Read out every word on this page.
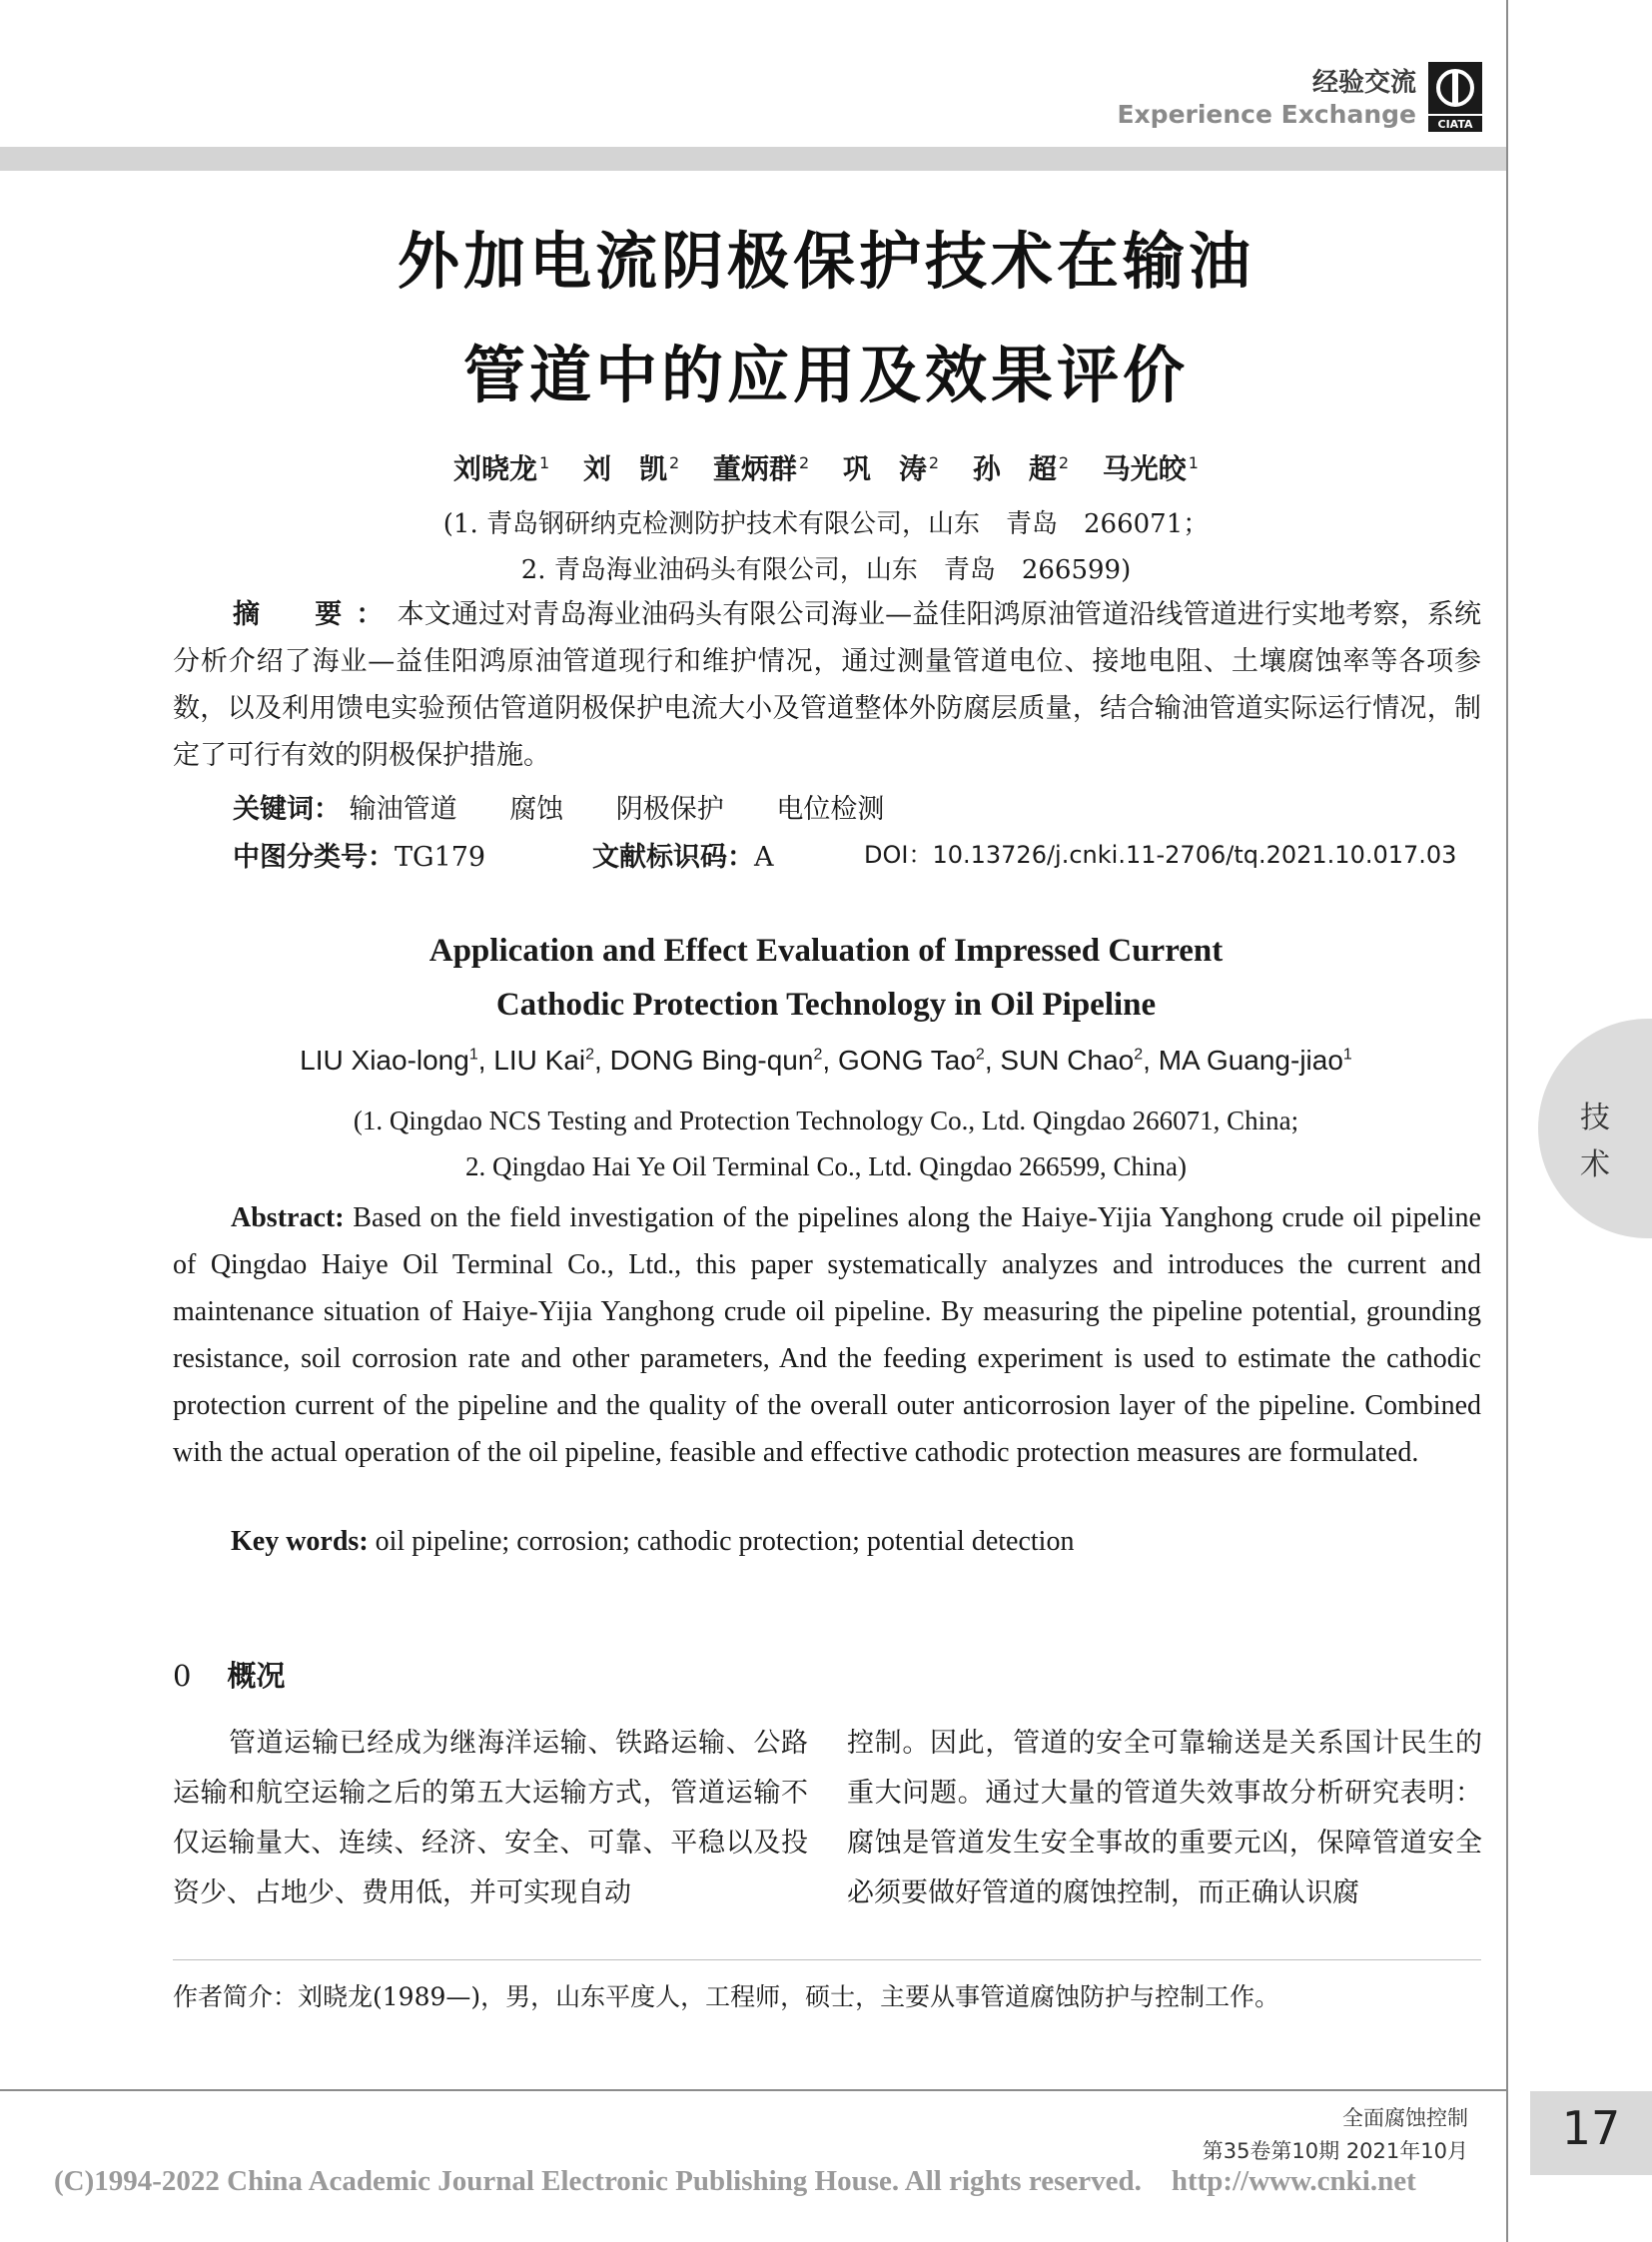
经验交流
Experience Exchange CIATA
外加电流阴极保护技术在输油
管道中的应用及效果评价
刘晓龙 $^1$ 刘　凯 $^2$ 董炳群 $^2$ 巩　涛 $^2$ 孙　超 $^2$ 马光皎 $^1$
(1. 青岛钢研纳克检测防护技术有限公司，山东　青岛　266071；
2. 青岛海业油码头有限公司，山东　青岛　266599)

摘　要：本文通过对青岛海业油码头有限公司海业—益佳阳鸿原油管道沿线管道进行实地考察，系统分析介绍了海业—益佳阳鸿原油管道现行和维护情况，通过测量管道电位、接地电阻、土壤腐蚀率等各项参数，以及利用馈电实验预估管道阴极保护电流大小及管道整体外防腐层质量，结合输油管道实际运行情况，制定了可行有效的阴极保护措施。

关键词： 输油管道 腐蚀 阴极保护 电位检测
中图分类号：TG179	文献标识码：A	DOI：10.13726/j.cnki.11-2706/tq.2021.10.017.03
Application and Effect Evaluation of Impressed Current
Cathodic Protection Technology in Oil Pipeline
LIU Xiao-long$^1$, LIU Kai$^2$, DONG Bing-qun$^2$, GONG Tao$^2$, SUN Chao$^2$, MA Guang-jiao$^1$
(1. Qingdao NCS Testing and Protection Technology Co., Ltd. Qingdao 266071, China;
2. Qingdao Hai Ye Oil Terminal Co., Ltd. Qingdao 266599, China)

Abstract: Based on the field investigation of the pipelines along the Haiye-Yijia Yanghong crude oil pipeline of Qingdao Haiye Oil Terminal Co., Ltd., this paper systematically analyzes and introduces the current and maintenance situation of Haiye-Yijia Yanghong crude oil pipeline. By measuring the pipeline potential, grounding resistance, soil corrosion rate and other parameters, And the feeding experiment is used to estimate the cathodic protection current of the pipeline and the quality of the overall outer anticorrosion layer of the pipeline. Combined with the actual operation of the oil pipeline, feasible and effective cathodic protection measures are formulated.

Key words: oil pipeline; corrosion; cathodic protection; potential detection
技
术
0 概况

管道运输已经成为继海洋运输、铁路运输、公路运输和航空运输之后的第五大运输方式，管道运输不仅运输量大、连续、经济、安全、可靠、平稳以及投资少、占地少、费用低，并可实现自动

控制。因此，管道的安全可靠输送是关系国计民生的重大问题。通过大量的管道失效事故分析研究表明：腐蚀是管道发生安全事故的重要元凶，保障管道安全必须要做好管道的腐蚀控制，而正确认识腐

作者简介：刘晓龙(1989—)，男，山东平度人，工程师，硕士，主要从事管道腐蚀防护与控制工作。
全面腐蚀控制
第35卷第10期 2021年10月	17
(C)1994-2022 China Academic Journal Electronic Publishing House. All rights reserved. http://www.cnki.net
